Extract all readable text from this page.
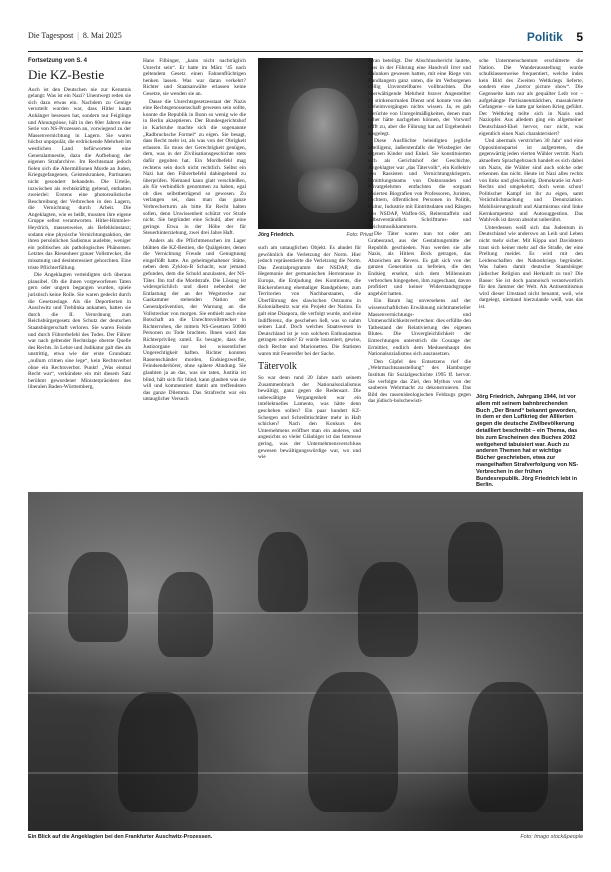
Die Tagespost | 8. Mai 2025	Politik 5
Fortsetzung von S. 4
Die KZ-Bestie

Auch ist den Deutschen nie zur Kenntnis gelangt: Was ist ein Nazi? Unentwegt reden sie sich dazu etwas ein. Nachdem zu Genüge verurteilt worden war, dass Hitler kaum Anhänger besessen hat, sondern nur Feiglinge und Ahnungslose, hält in den 60er Jahren eine Serie von NS-Prozessen an, vorwiegend zu der Massenvernichtung in Lagern. Sie waren höchst unpopulär, die erdrückende Mehrheit im westlichen Land befürwortete eine Generalamnestie, dazu die Aufhebung der eigenen Strafarchive. Im Rechtsstaat jedoch fielen sich die Abermillionen Morde an Juden, Kriegsgefangenen, Geisteskranken, Partisanen nicht gesondert behandeln. Die Urteile, inzwischen als rechtskräftig geltend, enthalten zweierlei: Erstens eine photorealistische Beschreibung der Verbrechen in den Lagern, die Vernichtung durch Arbeit. Die Angeklagten, wie es heißt, mussten ihre eigene Gruppe selbst verantworten. Hitler-Himmler-Heydrich, massenweise, als Befehlsinstanz; sodann eine physische Vernichtungsaktion, der ihren persönlichen Sadismus auslebte, weniger ein politisches als pathologisches Phänomen. Letztes das Riesenheer grauer Vollstrecker, die missmutig und desinteressiert gehorchten. Eine triste Pflichterfüllung.

Die Angeklagten verteidigten sich überaus plausibel. Ob die ihnen vorgeworfenen Taten gern oder ungern begangen wurden, spiele juristisch keine Rolle. Sie waren gedeckt durch die Gesetzeslage. Als die Deportierten in Auschwitz und Treblinka ankamen, hatten sie durch die II. Verordnung zum Reichsbürgergesetz den Schutz der deutschen Staatsbürgerschaft verloren. Sie waren Feinde und durch Führerbefehl des Todes. Der Führer war nach geltender Rechtslage oberste Quelle des Rechts. In Lehre und Judikatur galt dies als unstrittig, etwa wie der erste Grundsatz „nullum crimen sine lege“, kein Rechtsverbot ohne ein Rechtsverbot. Punkt! „Was einmal Recht war“, verkündete ein mit diesem Satz berühmt gewordener Ministerpräsident des liberalen Baden-Württemberg,

Hans Filbinger, „kann nicht nachträglich Unrecht sein“. Er hatte im März ’45 nach geltendem Gesetz einen Fahnenflüchtigen henken lassen. Was war daran verkehrt? Richter und Staatsanwälte erlassen keine Gesetze, sie wenden sie an.

Dasse die Unrechtsgesetzesstaat der Nazis eine Rechtsgenossenschaft gewesen sein sollte, konnte die Republik in Bonn so wenig wie die in Berlin akzeptieren. Der Bundesgerichtshof in Karlsruhe machte sich die sogenannte „Radbruchsche Formel“ zu eigen. Sie besagt, dass Recht mehr ist, als was von der Obrigkeit erlassen. Es muss der Gerechtigkeit genügen, dem, was in der Zivilisationsgeschichte stets dafür gegolten hat. Ein Mordbefehl mag rechtens sein doch nicht rechtlich. Selbst ein Nazi hat den Führerbefehl dahingehend zu überprüfen. Niemand kann glatt verschleißen, als für verbindlich genommen zu haben, egal ob dies selbstbetrügend so gewesen. Zu verlangen sei, dass man das ganze Verbrecherturm als bitte für Recht halten sollen, denn Unwissenheit schützt vor Strafe nicht. Sie begründet eine Schuld, aber eine geringe. Etwa in der Höhe der für Steuerhinterziehung, zwei drei Jahre Haft.

Anders als die Pflichtmenschen im Lager blühten die KZ-Bestien, die Quälgeister, denen die Vernichtung Freude und Genugtuung eingeflößt hatte. An geheimgehaltener Stätte, neben dem Zyklon-B Schacht, war jemand gefunden, dem die Schuld anzulasten, der NS-Täter. Ihn traf die Mordstrafe. Die Lösung ist widersprüchlich und dient nebenbei der Entlastung der an der Wegstrecke zur Gaskammer stehenden Nation der Generalprävention, der Warnung an die Vollstrecker von morgen. Sie enthielt auch eine Botschaft an die Unrechtsvollstrecker in Richterroben, die mittels NS-Gesetzen 50000 Personen zu Tode brachten. Ihnen ward das Richterprivileg zuteil. Es besagte, dass die Justizorgane nur bei wissentlicher Ungerechtigkeit haften. Richter konnten Rassenschänder morden, Endsiegzweifler, Feindsenderhörer, ohne spätere Ahndung. Sie glaubten ja an das, was sie taten, Justitia ist blind, hält sich für blind, kann glauben was sie will und kommentiert damit am treffendsten das ganze Dilemma. Das Strafrecht war ein untauglicher Versuch

Jörg Friedrich.	Foto: Privat

such am untauglichen Objekt. Es ahndet für gewöhnlich die Verletzung der Norm. Hier jedoch repräsentierte die Verletzung die Norm. Das Zentralprogramm der NSDAP, die Hegemonie der germanischen Herrenrasse in Europa, die Entjudung des Kontinents, die Rückeroberung ehemaliger Randgebiete, zum Territorien von Nachbarstaaten, die Überführung des slawischen Ostraums in Kolonialbesitz war ein Projekt der Nation. Es galt eine Diaspora, die verfolgt wurde, und eine Indifferenz, die geschehen ließ, was so nahm seinen Lauf. Doch welches Staatswesen in Deutschland ist je von solchem Enthusiasmus getragen worden? Er wurde inszeniert, gewiss, doch Rechte und Marionetten. Die Statisten waren mit Feuereifer bei der Sache.

Tätervolk

So war denn rund 20 Jahre nach seinem Zusammenbruch der Nationalsozialismus bewältigt, ganz gegen die Redensart. Die unbewältigte Vergangenheit war ein intellektuelles Lamento, was hätte denn geschehen sollen? Ein paar hundert KZ-Schergen und Schreibtischtäter mehr in Haft schicken? Nach den Konkurs des Unternehmens eröffnet man ein anderes, und angesichts so vieler Gläubiger ist das Interesse gering, was der Unternehmensverschluss gewesen bewältigungswürdige war, wo und wie

daran beteiligt. Der Abschlussbericht lautete, dass in der Führung eine Handvoll Irrer und Halunken gewesen hatten, mit eine Riege von Handlangern ganz unten, die im Verborgenen völlig Unvorstellbares vollbrachten. Die überwältigende Mehrheit braver Angestellter ist stinkenormalen Dienst und konnte von den Geheimvorgängen nichts wissen. Ja, es gab Gerüchte von Unregelmäßigkeiten, denen man näher hätte nachgehen können, der Vorwurf trifft zu, aber die Führung hat auf Ergebenheit ausgelegt.

Diese Ausflüchte beleidigten jegliche Intelligenz, äußerstenfalls die Wissbegier der eigenen Kinder und Enkel. Sie konstituierten sich als Gerichtshof der Geschichte, Angeklagter war „das Tätervolk“, ein Kollektiv von Rassisten und Vernichtungskriegern. Ermittlungsteams von Doktoranden und Privatgelehrten entfachten die sorgsam frisierten Biografien von Professoren, Juristen, Dichtern, öffentlichen Personen in Politik, Kultur, Industrie mit Eintrittsdaten und Rängen von NSDAP, Waffen-SS, Reiterstaffeln und selbstverständlich Schrifttums- und Reichsmusikkammern.

Die Täter waren nun tot oder am Grabesrand, aus der Gestaltungsmitte der Republik geschieden. Nun werden sie alle Nazis, als Hitlers Bock getragen, das Abzeichen am Revers. Es galt sich von der ganzen Generation zu befreien, die den Endsieg ersehnt, sich dem Millennium verbrochen hingegeben, ihm zugeschaut, davon profitiert und keiner Widerstandsgruppe angehört hatten.

Ein Baum lag unversehens auf der wissenschaftlichen Erwähnung nichtmaterieller Massenvernichtungs- und Unmenschlichkeitsverbrechen: dies erfüllte den Tatbestand der Relativierung des eigenen Blutes. Die Unvergleichlichkeit der Entrechtungen unterstrich die Courage der Ermittler, endlich dem Medusenhaupt des Nationalsozialismus sich auszusetzen.

Den Gipfel des Entsetzens rief die „Wehrmachtsausstellung“ des Hamburger Instituts für Sozialgeschichte 1995 ff. hervor. Sie verfolgte das Ziel, den Mythos von der sauberen Wehrmacht zu dekonstruieren. Das Bild des rassenideologischen Feldzugs gegen das jüdisch-bolschewisti-

sche Untermenschentum erschütterte die Nation. Die Wanderausstellung wurde schulklassenweise frequentiert, welche indes kein Bild des Zweiten Weltkriegs lieferte, sondern eine „horror picture show“. Die Gegenseite kam nur als gequälter Leib vor – aufgehängte Partisanenmädchen, massakrierte Gefangene – sie hatte gar keinen Krieg geführt. Der Weltkrieg teilte sich in Nazis und Naziopfer. Aus alledem ging ein allgemeiner Deutschland-Ekel hervor, nur nicht, was eigentlich einen Nazi charakterisiert?

Und abermals verstrichen 30 Jahr' und eine Oppositionspartei ist aufgetreten, die gegenwärtig jeden vierten Wähler vertritt. Nach aktuellem Sprachgebrauch handelt es sich dabei um Nazis, die Wähler sind auch solche oder erkennen das nicht. Heute ist Nazi alles rechts von links und gleichzeitig. Demokratie ist Anti-Rechts und umgekehrt; doch wenn schon! Politischer Kampf ist ihr zu eigen, samt Verächtlichmachung und Denunziation. Mobilisierungskraft und Alarmismus sind linke Kernkompetenz und Autosuggestion. Das Wahlvolk ist davon absolut unberührt.

Unterdessen weiß sich das Judentum in Deutschland wie anderswo an Leib und Leben nicht mehr sicher. Mit Kippa und Davidstern traut sich keiner mehr auf die Straße, der eine Prellung meidet. Es wird mit den Leidenschaften des Nahostkriegs begründet. Was haben damit deutsche Staatsbürger jüdischer Religion und Herkunft zu tun? Die Basse: Sie ist doch paranoisch verantwortlich für den Jammer der Welt. Als Antisemitismus wird dieser Umstand nicht benannt, weil, wie dargelegt, niemand hierzulande weiß, was das ist.

Jörg Friedrich, Jahrgang 1944, ist vor allem mit seinem bahnbrechenden Buch „Der Brand“ bekannt geworden, in dem er den Luftkrieg der Alliierten gegen die deutsche Zivilbevölkerung detailliert beschreibt – ein Thema, das bis zum Erscheinen des Buches 2002 weitgehend tabuisiert war. Auch zu anderen Themen hat er wichtige Bücher geschrieben, etwa zur mangelhaften Strafverfolgung von NS-Verbrechen in der frühen Bundesrepublik. Jörg Friedrich lebt in Berlin.
Ein Blick auf die Angeklagten bei den Frankfurter Auschwitz-Prozessen.	Foto: Imago stock&people
